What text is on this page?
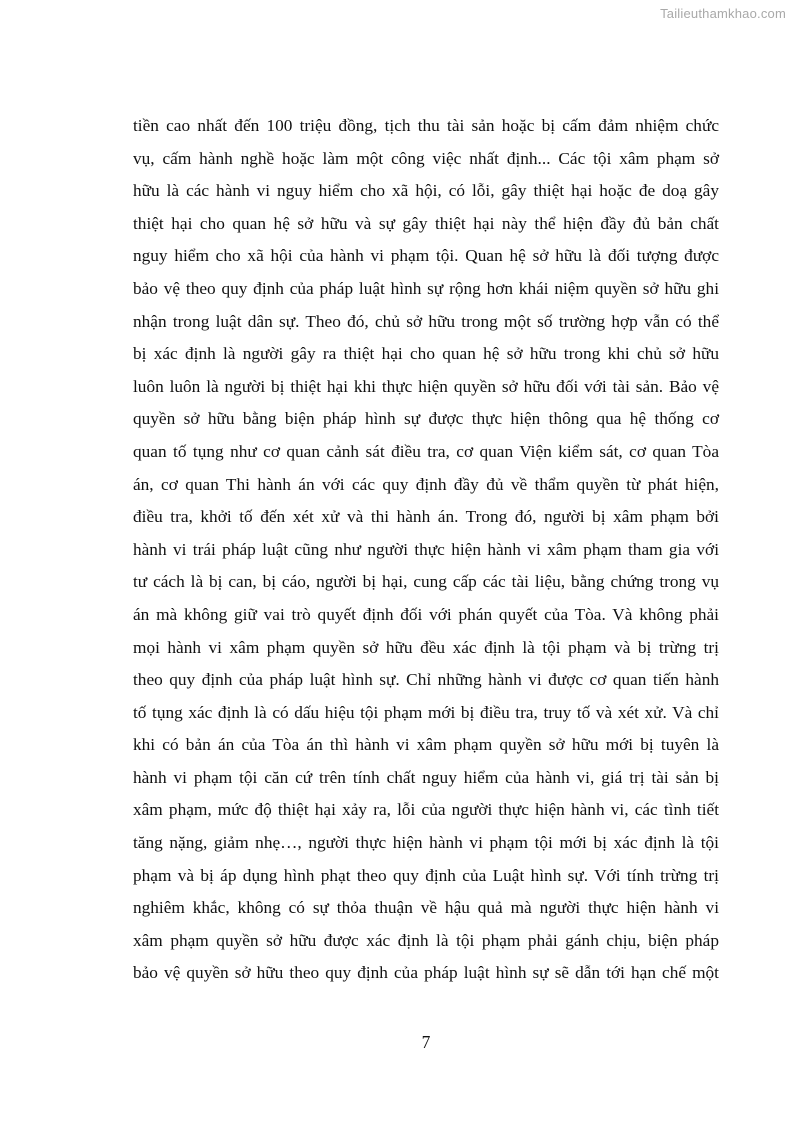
Tailieuthamkhao.com
tiền cao nhất đến 100 triệu đồng, tịch thu tài sản hoặc bị cấm đảm nhiệm chức
vụ, cấm hành nghề hoặc làm một công việc nhất định... Các tội xâm phạm sở
hữu là các hành vi nguy hiểm cho xã hội, có lỗi, gây thiệt hại hoặc đe doạ gây
thiệt hại cho quan hệ sở hữu và sự gây thiệt hại này thể hiện đầy đủ bản chất
nguy hiểm cho xã hội của hành vi phạm tội. Quan hệ sở hữu là đối tượng được
bảo vệ theo quy định của pháp luật hình sự rộng hơn khái niệm quyền sở hữu ghi
nhận trong luật dân sự. Theo đó, chủ sở hữu trong một số trường hợp vẫn có thể
bị xác định là người gây ra thiệt hại cho quan hệ sở hữu trong khi chủ sở hữu
luôn luôn là người bị thiệt hại khi thực hiện quyền sở hữu đối với tài sản. Bảo vệ
quyền sở hữu bằng biện pháp hình sự được thực hiện thông qua hệ thống cơ
quan tố tụng như cơ quan cảnh sát điều tra, cơ quan Viện kiểm sát, cơ quan Tòa
án, cơ quan Thi hành án với các quy định đầy đủ về thẩm quyền từ phát hiện,
điều tra, khởi tố đến xét xử và thi hành án. Trong đó, người bị xâm phạm bởi
hành vi trái pháp luật cũng như người thực hiện hành vi xâm phạm tham gia với
tư cách là bị can, bị cáo, người bị hại, cung cấp các tài liệu, bằng chứng trong vụ
án mà không giữ vai trò quyết định đối với phán quyết của Tòa. Và không phải
mọi hành vi xâm phạm quyền sở hữu đều xác định là tội phạm và bị trừng trị
theo quy định của pháp luật hình sự. Chỉ những hành vi được cơ quan tiến hành
tố tụng xác định là có dấu hiệu tội phạm mới bị điều tra, truy tố và xét xử. Và chỉ
khi có bản án của Tòa án thì hành vi xâm phạm quyền sở hữu mới bị tuyên là
hành vi phạm tội căn cứ trên tính chất nguy hiểm của hành vi, giá trị tài sản bị
xâm phạm, mức độ thiệt hại xảy ra, lỗi của người thực hiện hành vi, các tình tiết
tăng nặng, giảm nhẹ…, người thực hiện hành vi phạm tội mới bị xác định là tội
phạm và bị áp dụng hình phạt theo quy định của Luật hình sự. Với tính trừng trị
nghiêm khắc, không có sự thỏa thuận về hậu quả mà người thực hiện hành vi
xâm phạm quyền sở hữu được xác định là tội phạm phải gánh chịu, biện pháp
bảo vệ quyền sở hữu theo quy định của pháp luật hình sự sẽ dẫn tới hạn chế một
7
